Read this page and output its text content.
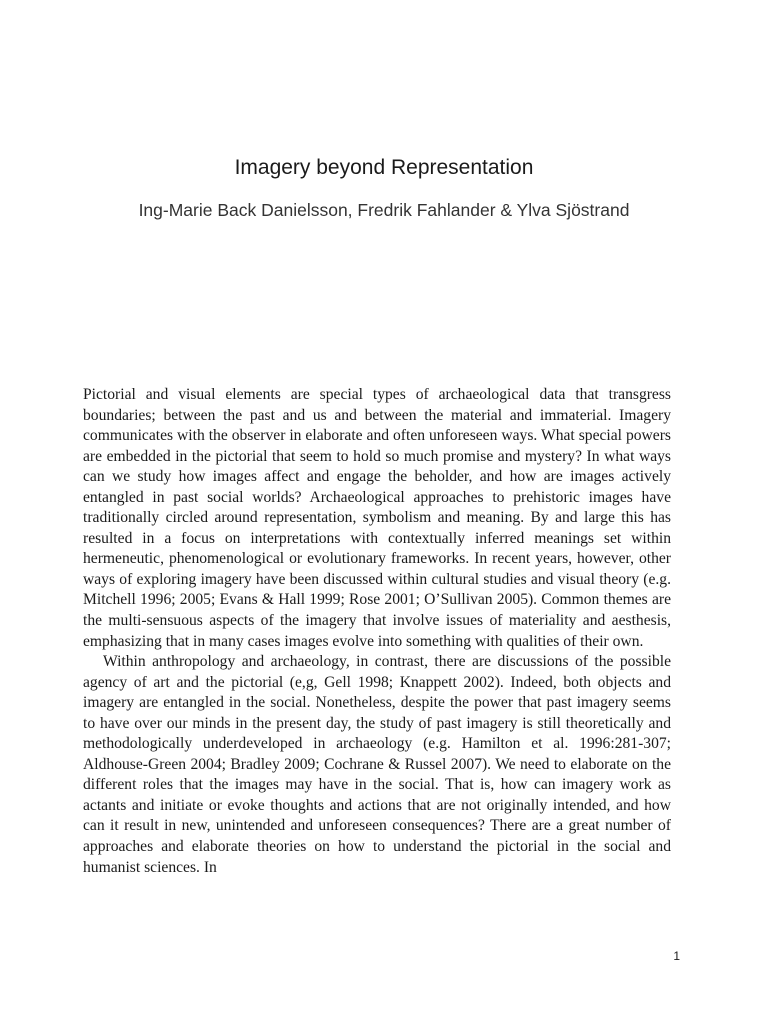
Imagery beyond Representation
Ing-Marie Back Danielsson, Fredrik Fahlander & Ylva Sjöstrand

Pictorial and visual elements are special types of archaeological data that transgress boundaries; between the past and us and between the material and immaterial. Imagery communicates with the observer in elaborate and often unforeseen ways. What special powers are embedded in the pictorial that seem to hold so much promise and mystery? In what ways can we study how images affect and engage the beholder, and how are images actively entangled in past social worlds? Archaeological approaches to prehistoric images have traditionally circled around representation, symbolism and meaning. By and large this has resulted in a focus on interpretations with contextually inferred meanings set within hermeneutic, phenomenological or evolutionary frameworks. In recent years, however, other ways of exploring imagery have been discussed within cultural studies and visual theory (e.g. Mitchell 1996; 2005; Evans & Hall 1999; Rose 2001; O’Sullivan 2005). Common themes are the multi-sensuous aspects of the imagery that involve issues of materiality and aesthesis, emphasizing that in many cases images evolve into something with qualities of their own.

Within anthropology and archaeology, in contrast, there are discussions of the possible agency of art and the pictorial (e,g, Gell 1998; Knappett 2002). Indeed, both objects and imagery are entangled in the social. Nonetheless, despite the power that past imagery seems to have over our minds in the present day, the study of past imagery is still theoretically and methodologically underdeveloped in archaeology (e.g. Hamilton et al. 1996:281-307; Aldhouse-Green 2004; Bradley 2009; Cochrane & Russel 2007). We need to elaborate on the different roles that the images may have in the social. That is, how can imagery work as actants and initiate or evoke thoughts and actions that are not originally intended, and how can it result in new, unintended and unforeseen consequences? There are a great number of approaches and elaborate theories on how to understand the pictorial in the social and humanist sciences. In

1
